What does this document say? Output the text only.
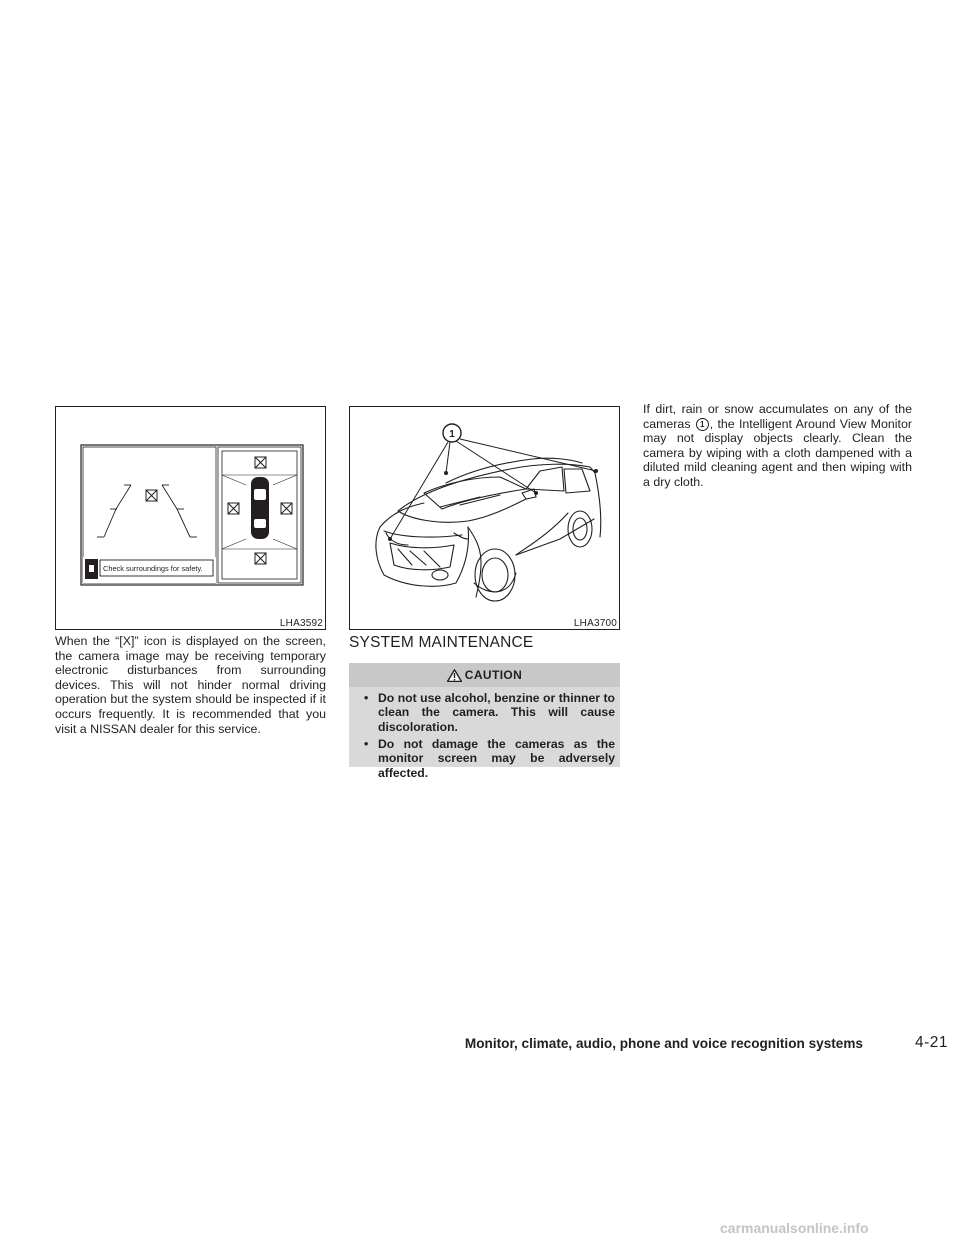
Check surroundings for safety.
LHA3592
1
LHA3700

When the “[X]” icon is displayed on the screen, the camera image may be receiving temporary electronic disturbances from surrounding devices. This will not hinder normal driving operation but the system should be inspected if it occurs frequently. It is recommended that you visit a NISSAN dealer for this service.

SYSTEM MAINTENANCE
CAUTION
• Do not use alcohol, benzine or thinner to clean the camera. This will cause discoloration.
• Do not damage the cameras as the monitor screen may be adversely affected.

If dirt, rain or snow accumulates on any of the cameras 1 , the Intelligent Around View Monitor may not display objects clearly. Clean the camera by wiping with a cloth dampened with a diluted mild cleaning agent and then wiping with a dry cloth.

Monitor, climate, audio, phone and voice recognition systems	4-21
carmanualsonline.info
